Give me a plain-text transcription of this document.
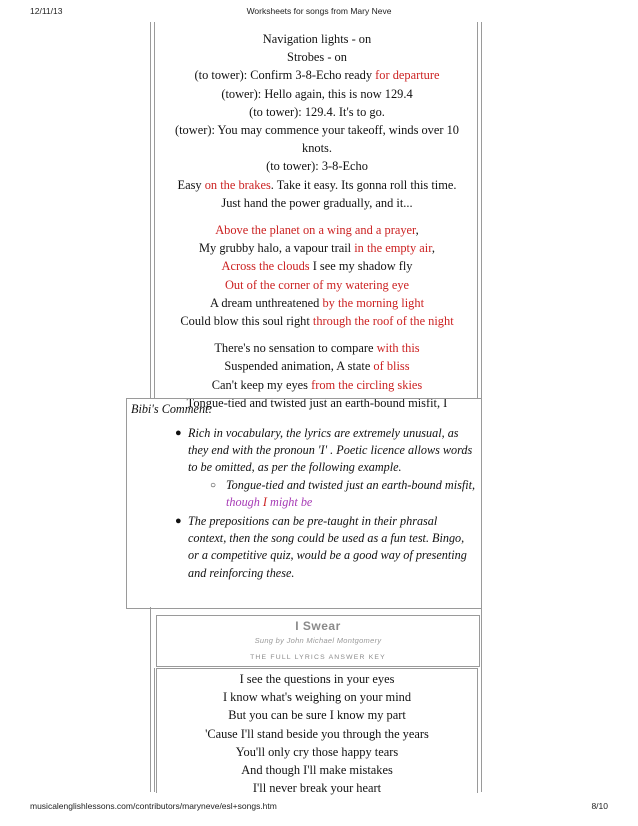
12/11/13	Worksheets for songs from Mary Neve

Navigation lights - on

Strobes - on

(to tower): Confirm 3-8-Echo ready for departure

(tower): Hello again, this is now 129.4

(to tower): 129.4. It's to go.

(tower): You may commence your takeoff, winds over 10

knots.

(to tower): 3-8-Echo

Easy on the brakes. Take it easy. Its gonna roll this time.

Just hand the power gradually, and it...

Above the planet on a wing and a prayer,

My grubby halo, a vapour trail in the empty air,

Across the clouds I see my shadow fly

Out of the corner of my watering eye

A dream unthreatened by the morning light

Could blow this soul right through the roof of the night

There's no sensation to compare with this

Suspended animation, A state of bliss

Can't keep my eyes from the circling skies

Tongue-tied and twisted just an earth-bound misfit, I

Bibi's Comment:
● Rich in vocabulary, the lyrics are extremely unusual, as they end with the pronoun 'I' . Poetic licence allows words to be omitted, as per the following example.
○ Tongue-tied and twisted just an earth-bound misfit, though I might be
● The prepositions can be pre-taught in their phrasal context, then the song could be used as a fun test. Bingo, or a competitive quiz, would be a good way of presenting and reinforcing these.
I Swear
Sung by John Michael Montgomery
THE FULL LYRICS ANSWER KEY

I see the questions in your eyes

I know what's weighing on your mind

But you can be sure I know my part

'Cause I'll stand beside you through the years

You'll only cry those happy tears

And though I'll make mistakes

I'll never break your heart

musicalenglishlessons.com/contributors/maryneve/esl+songs.htm	8/10
